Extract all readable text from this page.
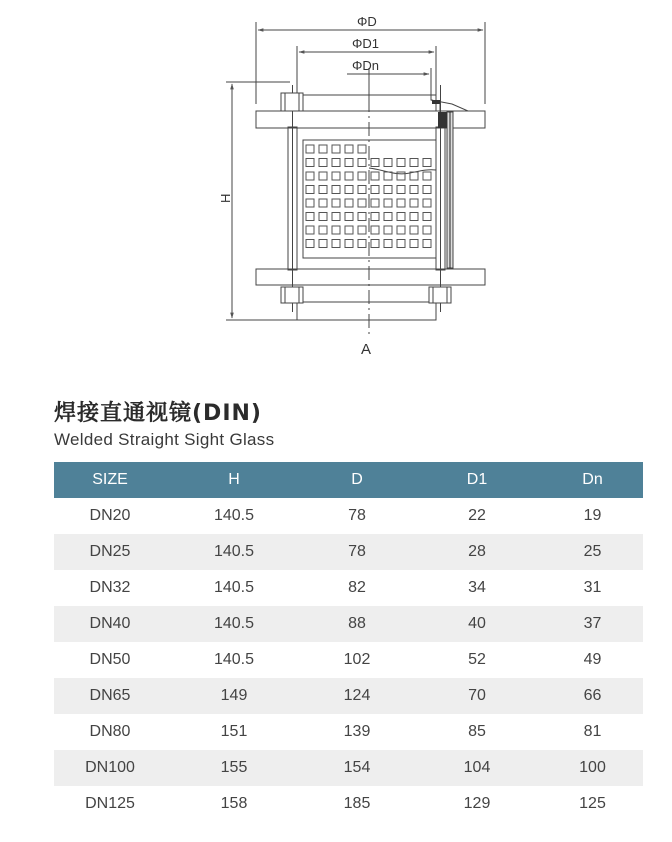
ΦD
ΦD1
ΦDn
H
A
焊接直通视镜(DIN)
Welded Straight Sight Glass
SIZE	H	D	D1	Dn
DN20	140.5	78	22	19
DN25	140.5	78	28	25
DN32	140.5	82	34	31
DN40	140.5	88	40	37
DN50	140.5	102	52	49
DN65	149	124	70	66
DN80	151	139	85	81
DN100	155	154	104	100
DN125	158	185	129	125
